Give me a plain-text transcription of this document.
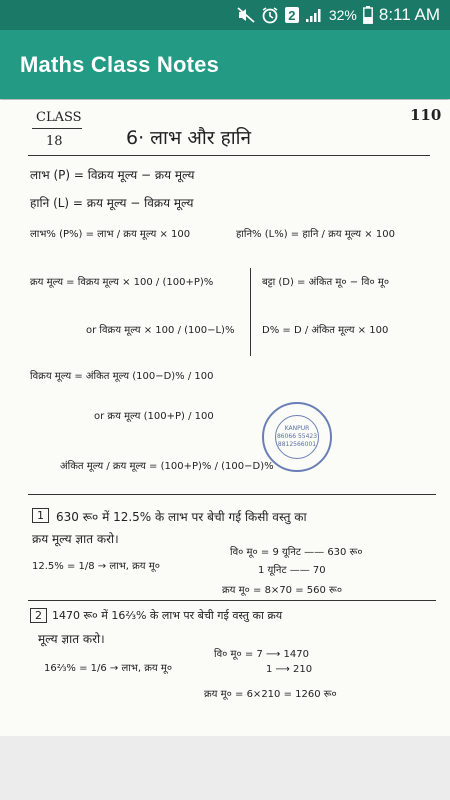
2 32% 8:11 AM
Maths Class Notes
CLASS
18	6· लाभ और हानि
110
लाभ (P) = विक्रय मूल्य − क्रय मूल्य
हानि (L) = क्रय मूल्य − विक्रय मूल्य
लाभ% (P%) = लाभ / क्रय मूल्य × 100	हानि% (L%) = हानि / क्रय मूल्य × 100
क्रय मूल्य = विक्रय मूल्य × 100 / (100+P)%
or विक्रय मूल्य × 100 / (100−L)%
बट्टा (D) = अंकित मू० − वि० मू०
D% = D / अंकित मूल्य × 100
विक्रय मूल्य = अंकित मूल्य (100−D)% / 100
or क्रय मूल्य (100+P) / 100
अंकित मूल्य / क्रय मूल्य = (100+P)% / (100−D)%
KANPUR
86066 55423
8812566001
1	630 रू० में 12.5% के लाभ पर बेची गई किसी वस्तु का
क्रय मूल्य ज्ञात करो।
12.5% = 1/8 → लाभ, क्रय मू०
वि० मू० = 9 यूनिट —— 630 रू०
1 यूनिट —— 70
क्रय मू० = 8×70 = 560 रू०
2 1470 रू० में 16⅔% के लाभ पर बेची गई वस्तु का क्रय
मूल्य ज्ञात करो।
16⅔% = 1/6 → लाभ, क्रय मू०
वि० मू० = 7 ⟶ 1470
1 ⟶ 210
क्रय मू० = 6×210 = 1260 रू०
